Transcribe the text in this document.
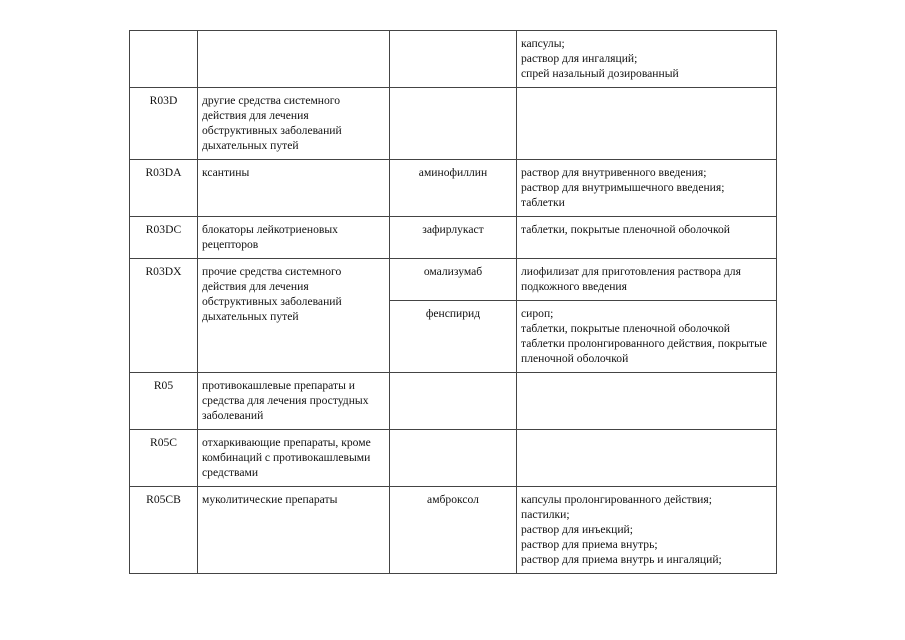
			капсулы;
раствор для ингаляций;
спрей назальный дозированный

R03D	другие средства системного действия для лечения обструктивных заболеваний дыхательных путей		
R03DA	ксантины	аминофиллин	раствор для внутривенного введения;
раствор для внутримышечного введения;
таблетки

R03DC	блокаторы лейкотриеновых рецепторов	зафирлукаст	таблетки, покрытые пленочной оболочкой

R03DX	прочие средства системного действия для лечения обструктивных заболеваний дыхательных путей	омализумаб	лиофилизат для приготовления раствора для подкожного введения

		фенспирид	сироп;
таблетки, покрытые пленочной оболочкой
таблетки пролонгированного действия, покрытые пленочной оболочкой

R05	противокашлевые препараты и средства для лечения простудных заболеваний		
R05C	отхаркивающие препараты, кроме комбинаций с противокашлевыми средствами		
R05CB	муколитические препараты	амброксол	капсулы пролонгированного действия;
пастилки;
раствор для инъекций;
раствор для приема внутрь;
раствор для приема внутрь и ингаляций;
